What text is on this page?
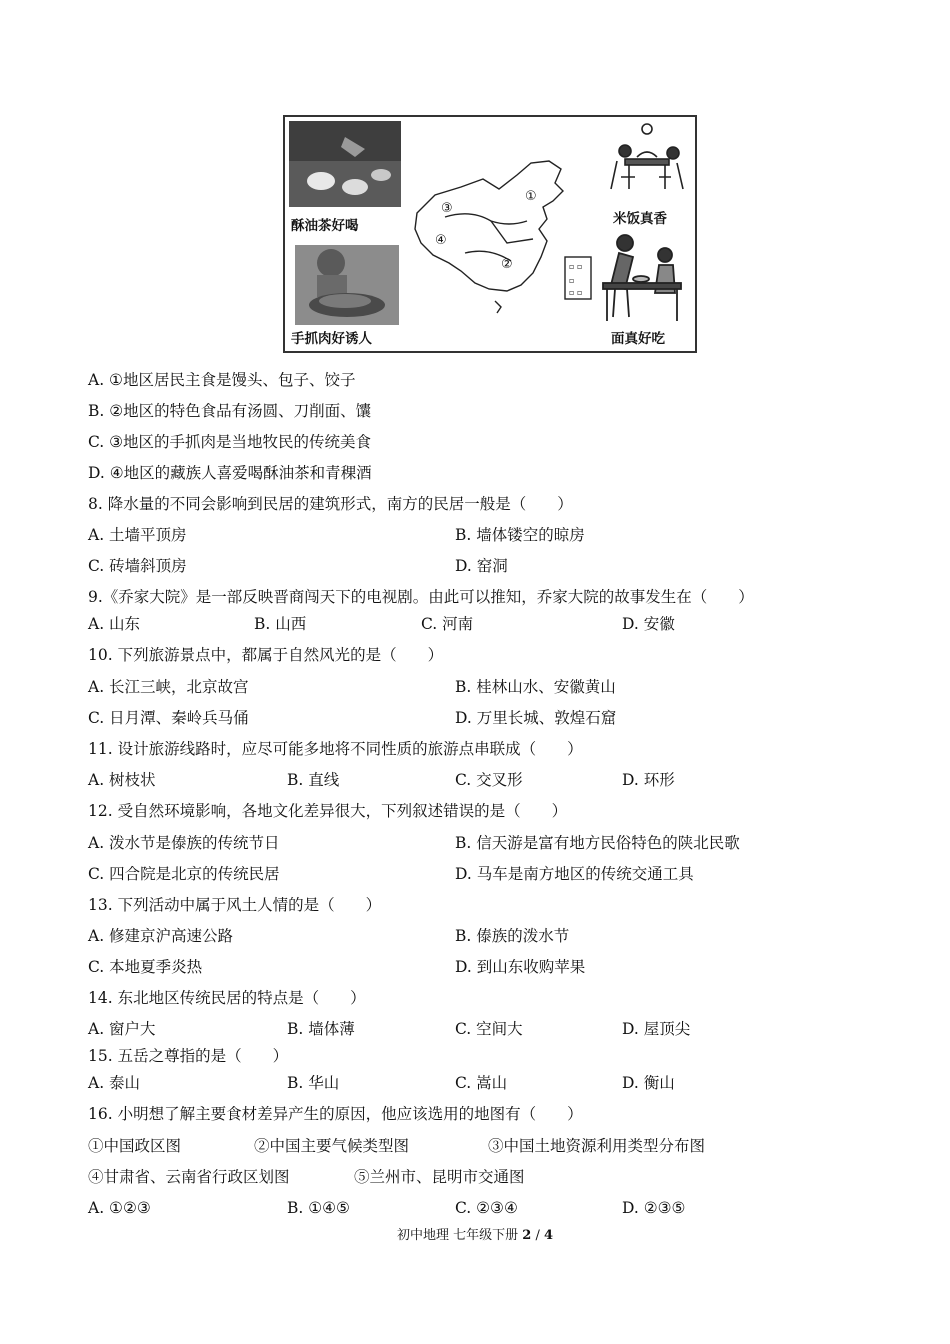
▫ ▫
▫
▫ ▫
酥油茶好喝
手抓肉好诱人
米饭真香
面真好吃
①
②
③
④
A. ①地区居民主食是馒头、包子、饺子
B. ②地区的特色食品有汤圆、刀削面、馕
C. ③地区的手抓肉是当地牧民的传统美食
D. ④地区的藏族人喜爱喝酥油茶和青稞酒
8. 降水量的不同会影响到民居的建筑形式，南方的民居一般是（　　）
A. 土墙平顶房	B. 墙体镂空的晾房
C. 砖墙斜顶房	D. 窑洞
9.《乔家大院》是一部反映晋商闯天下的电视剧。由此可以推知，乔家大院的故事发生在（　　）
A. 山东	B. 山西	C. 河南	D. 安徽
10. 下列旅游景点中，都属于自然风光的是（　　）
A. 长江三峡，北京故宫	B. 桂林山水、安徽黄山
C. 日月潭、秦岭兵马俑	D. 万里长城、敦煌石窟
11. 设计旅游线路时，应尽可能多地将不同性质的旅游点串联成（　　）
A. 树枝状	B. 直线	C. 交叉形	D. 环形
12. 受自然环境影响，各地文化差异很大，下列叙述错误的是（　　）
A. 泼水节是傣族的传统节日	B. 信天游是富有地方民俗特色的陕北民歌
C. 四合院是北京的传统民居	D. 马车是南方地区的传统交通工具
13. 下列活动中属于风土人情的是（　　）
A. 修建京沪高速公路	B. 傣族的泼水节
C. 本地夏季炎热	D. 到山东收购苹果
14. 东北地区传统民居的特点是（　　）
A. 窗户大	B. 墙体薄	C. 空间大	D. 屋顶尖
15. 五岳之尊指的是（　　）
A. 泰山	B. 华山	C. 嵩山	D. 衡山
16. 小明想了解主要食材差异产生的原因，他应该选用的地图有（　　）
①中国政区图	②中国主要气候类型图	③中国土地资源利用类型分布图
④甘肃省、云南省行政区划图	⑤兰州市、昆明市交通图
A. ①②③	B. ①④⑤	C. ②③④	D. ②③⑤
初中地理 七年级下册 2 / 4
